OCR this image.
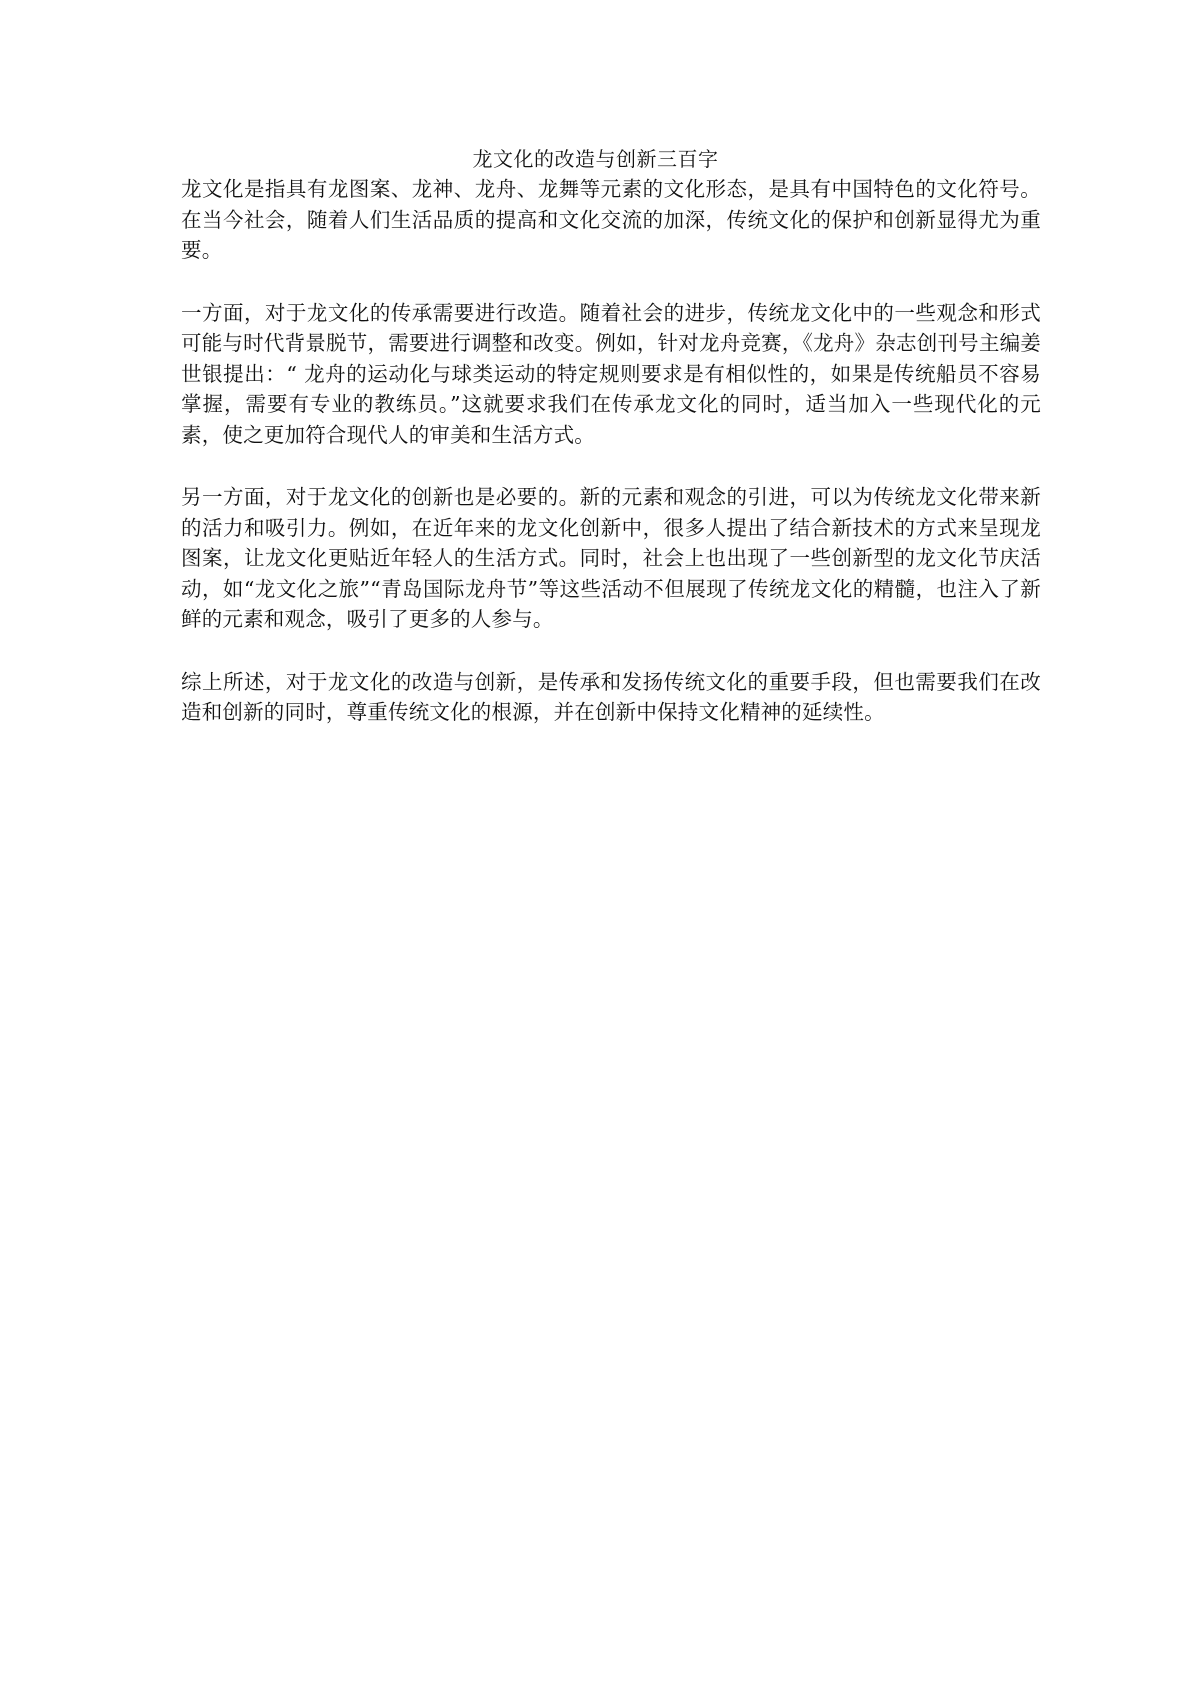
龙文化的改造与创新三百字

龙文化是指具有龙图案、龙神、龙舟、龙舞等元素的文化形态，是具有中国特色的文化符号。在当今社会，随着人们生活品质的提高和文化交流的加深，传统文化的保护和创新显得尤为重要。

一方面，对于龙文化的传承需要进行改造。随着社会的进步，传统龙文化中的一些观念和形式可能与时代背景脱节，需要进行调整和改变。例如，针对龙舟竞赛，《龙舟》杂志创刊号主编姜世银提出：“ 龙舟的运动化与球类运动的特定规则要求是有相似性的，如果是传统船员不容易掌握，需要有专业的教练员。”这就要求我们在传承龙文化的同时，适当加入一些现代化的元素，使之更加符合现代人的审美和生活方式。

另一方面，对于龙文化的创新也是必要的。新的元素和观念的引进，可以为传统龙文化带来新的活力和吸引力。例如，在近年来的龙文化创新中，很多人提出了结合新技术的方式来呈现龙图案，让龙文化更贴近年轻人的生活方式。同时，社会上也出现了一些创新型的龙文化节庆活动，如“龙文化之旅”“青岛国际龙舟节”等这些活动不但展现了传统龙文化的精髓，也注入了新鲜的元素和观念，吸引了更多的人参与。

综上所述，对于龙文化的改造与创新，是传承和发扬传统文化的重要手段，但也需要我们在改造和创新的同时，尊重传统文化的根源，并在创新中保持文化精神的延续性。
